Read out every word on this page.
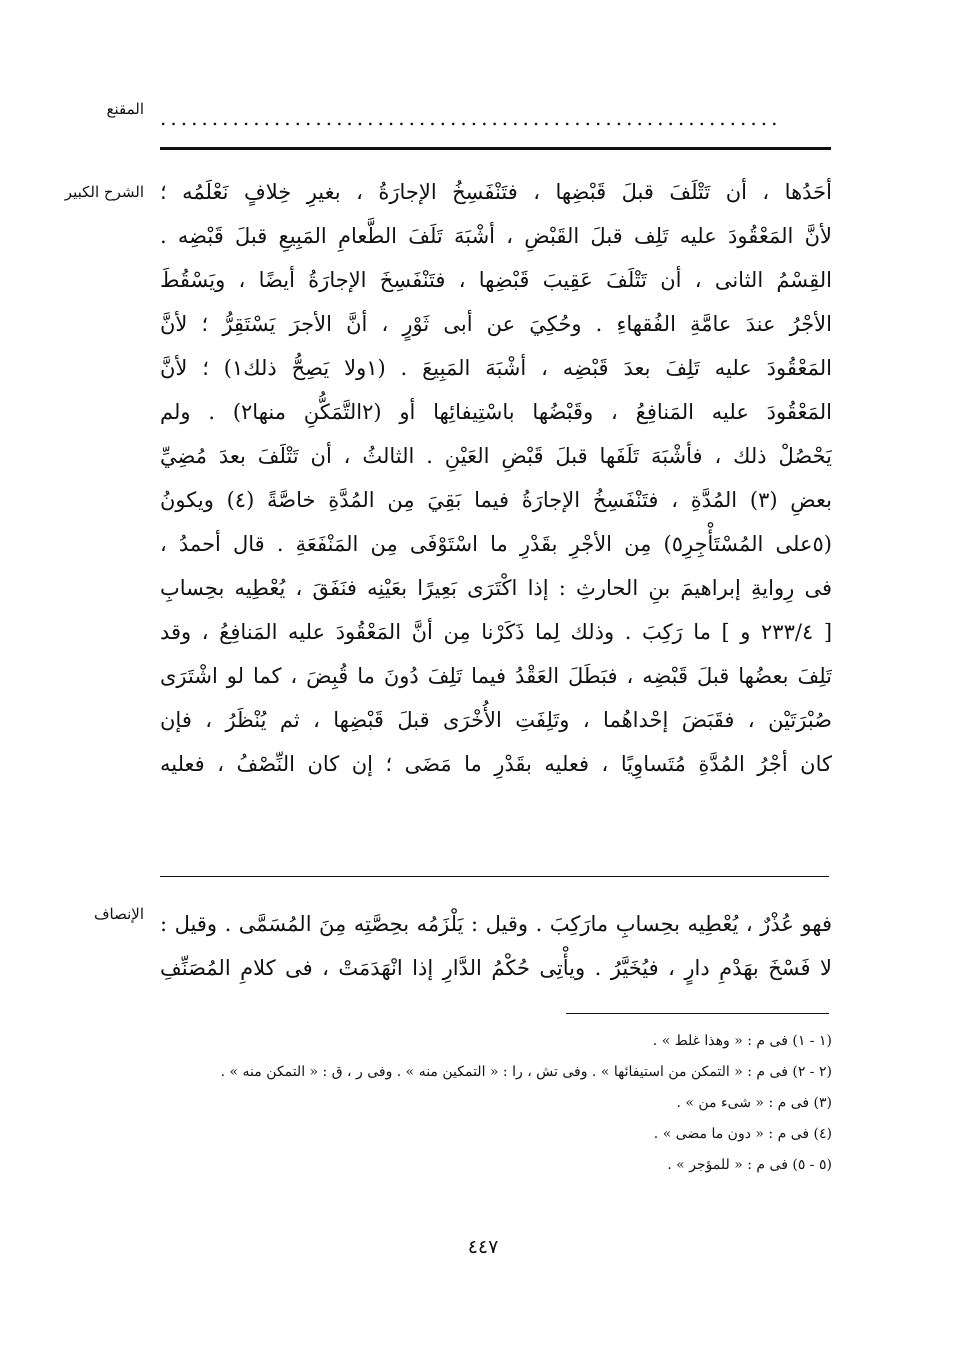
المقنع ............................................................
الشرح الكبير أحَدُها ، أن تَتْلَفَ قبلَ قَبْضِها ، فتَنْفَسِخُ الإجارَةُ ، بغيرِ خِلافٍ نَعْلَمُه ؛
لأنَّ المَعْقُودَ عليه تَلِف قبلَ القَبْضِ ، أشْبَهَ تَلَفَ الطَّعامِ المَبِيعِ قبلَ قَبْضِه .
القِسْمُ الثانى ، أن تَتْلَفَ عَقِيبَ قَبْضِها ، فتَنْفَسِخَ الإجارَةُ أيضًا ، ويَسْقُطَ
الأجْرُ عندَ عامَّةِ الفُقهاءِ . وحُكِيَ عن أبى ثَوْرٍ ، أنَّ الأجرَ يَسْتَقِرُّ ؛ لأنَّ
المَعْقُودَ عليه تَلِفَ بعدَ قَبْضِه ، أشْبَهَ المَبِيعَ . (١ولا يَصِحُّ ذلك١) ؛ لأنَّ
المَعْقُودَ عليه المَنافِعُ ، وقَبْضُها باسْتِيفائِها أو (٢التَّمَكُّنِ منها٢) . ولم
يَحْصُلْ ذلك ، فأشْبَهَ تَلَفَها قبلَ قَبْضِ العَيْنِ . الثالثُ ، أن تَتْلَفَ بعدَ مُضِيِّ
بعضِ (٣) المُدَّةِ ، فتَنْفَسِخُ الإجارَةُ فيما بَقِيَ مِن المُدَّةِ خاصَّةً (٤) ويكونُ
(٥على المُسْتَأْجِرِ٥) مِن الأجْرِ بقَدْرِ ما اسْتَوْفَى مِن المَنْفَعَةِ . قال أحمدُ ،
فى رِوايةِ إبراهيمَ بنِ الحارثِ : إذا اكْتَرَى بَعِيرًا بعَيْنِه فنَفَقَ ، يُعْطِيه بحِسابِ
[ ٢٣٣/٤ و ] ما رَكِبَ . وذلك لِما ذَكَرْنا مِن أنَّ المَعْقُودَ عليه المَنافِعُ ، وقد
تَلِفَ بعضُها قبلَ قَبْضِه ، فبَطَلَ العَقْدُ فيما تَلِفَ دُونَ ما قُبِضَ ، كما لو اشْتَرَى
صُبْرَتَيْن ، فقَبَضَ إحْداهُما ، وتَلِفَتِ الأُخْرَى قبلَ قَبْضِها ، ثم يُنْظَرُ ، فإن
كان أجْرُ المُدَّةِ مُتَساوِيًا ، فعليه بقَدْرِ ما مَضَى ؛ إن كان النِّصْفُ ، فعليه
الإنصاف فهو عُذْرٌ ، يُعْطِيه بحِسابِ مارَكِبَ . وقيل : يَلْزَمُه بحِصَّتِه مِنَ المُسَمَّى . وقيل :
لا فَسْخَ بهَدْمِ دارٍ ، فيُخَيَّرُ . ويأْتِى حُكْمُ الدَّارِ إذا انْهَدَمَتْ ، فى كلامِ المُصَنِّفِ
(١ - ١) فى م : « وهذا غلط » .
(٢ - ٢) فى م : « التمكن من استيفائها » . وفى تش ، را : « التمكين منه » . وفى ر ، ق : « التمكن منه » .
(٣) فى م : « شىء من » .
(٤) فى م : « دون ما مضى » .
(٥ - ٥) فى م : « للمؤجر » .
٤٤٧
